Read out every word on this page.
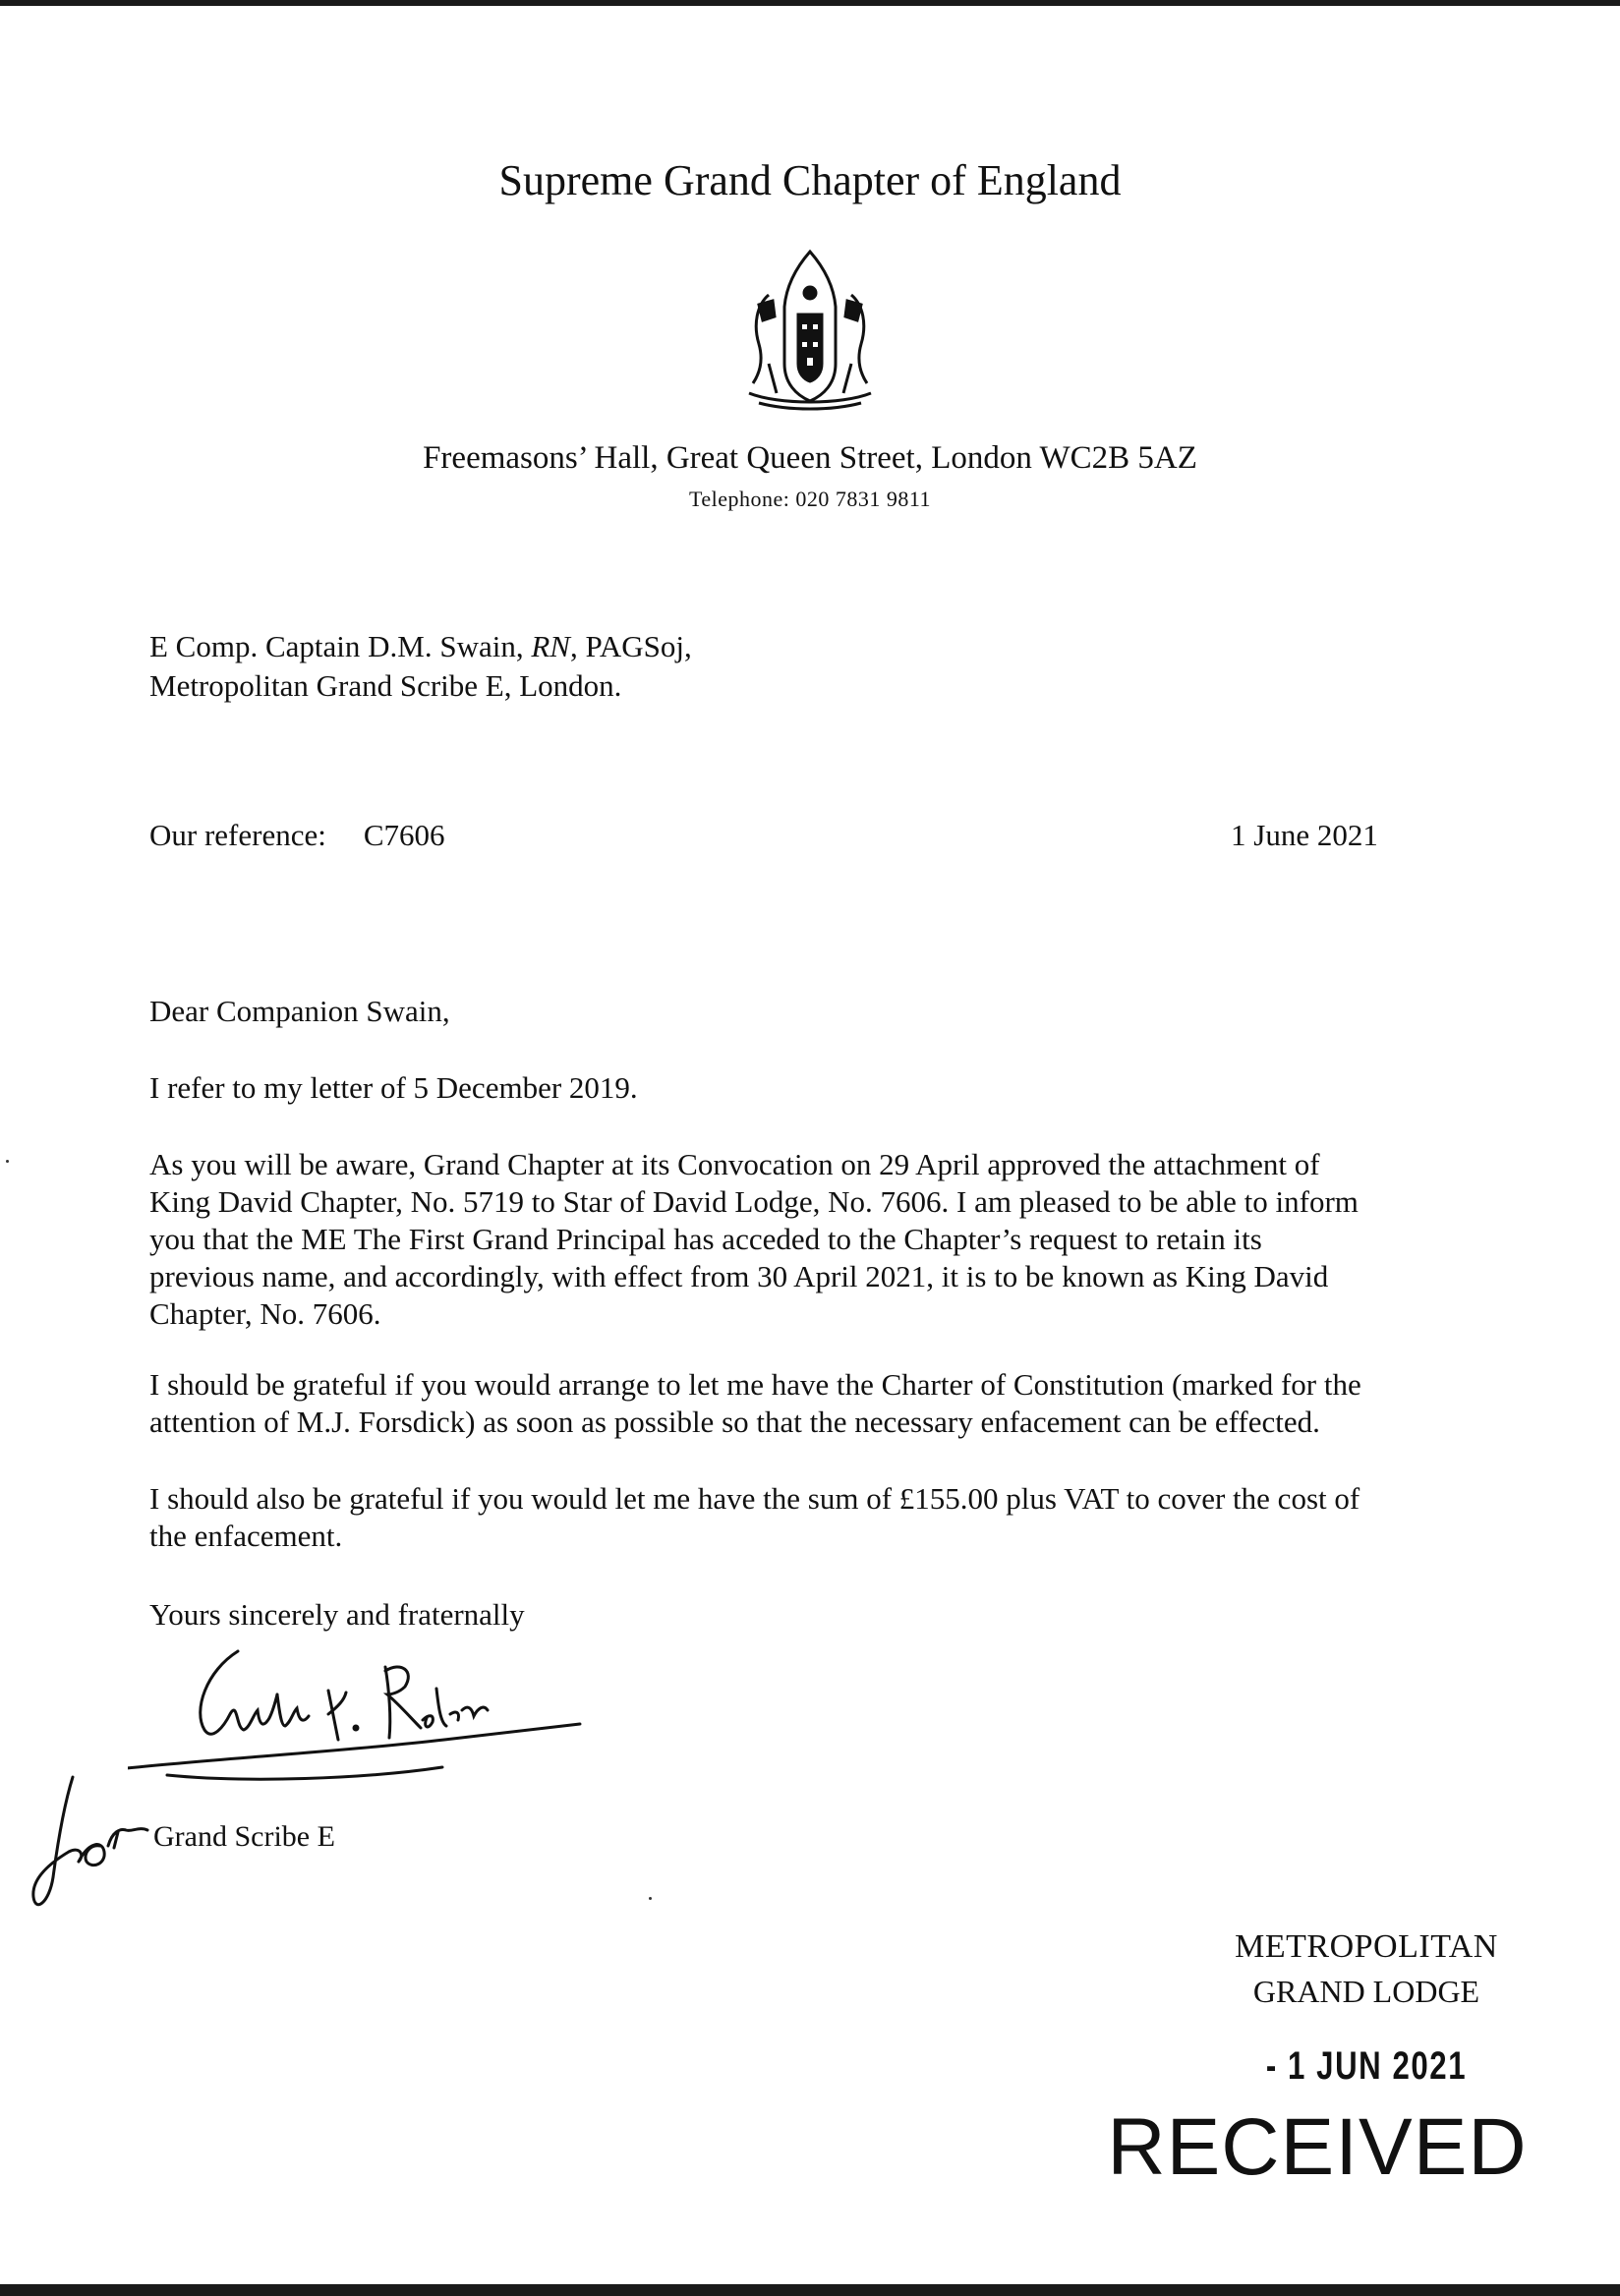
Supreme Grand Chapter of England
Freemasons’ Hall, Great Queen Street, London WC2B 5AZ
Telephone: 020 7831 9811
E Comp. Captain D.M. Swain, RN, PAGSoj,
Metropolitan Grand Scribe E, London.
Our reference: C7606	1 June 2021
Dear Companion Swain,
I refer to my letter of 5 December 2019.
As you will be aware, Grand Chapter at its Convocation on 29 April approved the attachment of
King David Chapter, No. 5719 to Star of David Lodge, No. 7606. I am pleased to be able to inform
you that the ME The First Grand Principal has acceded to the Chapter’s request to retain its
previous name, and accordingly, with effect from 30 April 2021, it is to be known as King David
Chapter, No. 7606.
I should be grateful if you would arrange to let me have the Charter of Constitution (marked for the
attention of M.J. Forsdick) as soon as possible so that the necessary enfacement can be effected.
I should also be grateful if you would let me have the sum of £155.00 plus VAT to cover the cost of
the enfacement.
Yours sincerely and fraternally
Grand Scribe E
METROPOLITAN
GRAND LODGE
- 1 JUN 2021
RECEIVED
